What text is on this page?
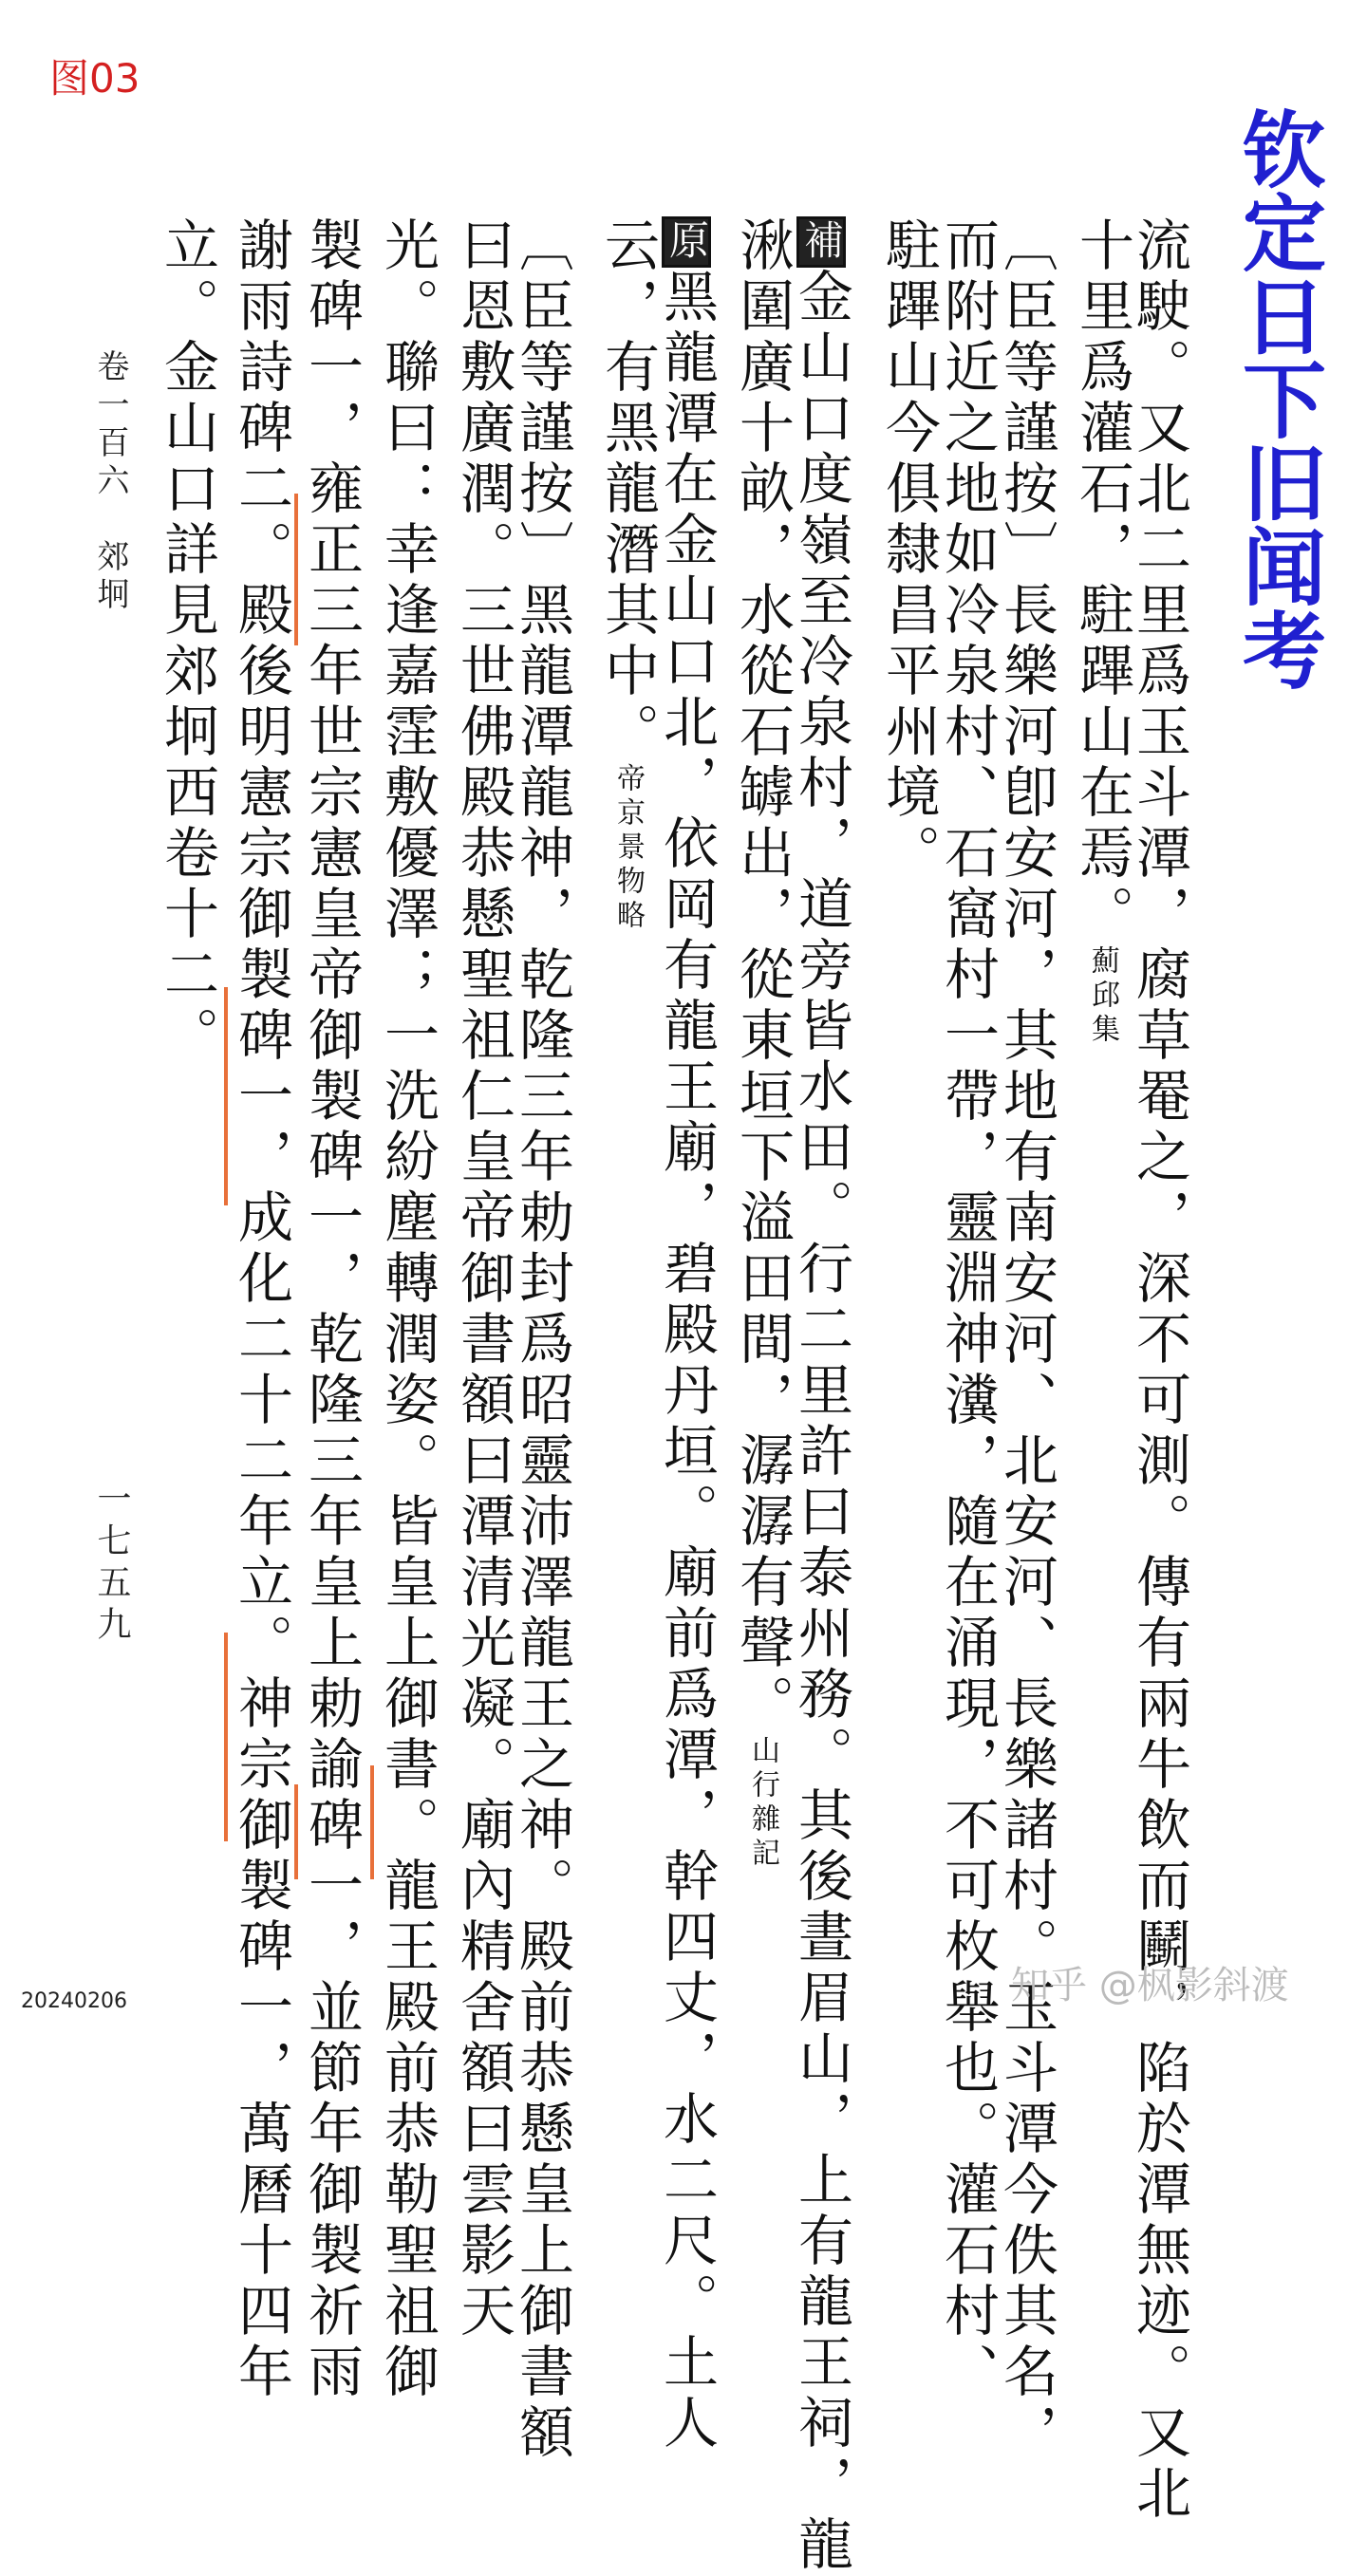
图03
钦定日下旧闻考
流駛。又北二里爲玉斗潭，腐草罨之，深不可測。傳有兩牛飲而鬭，陷於潭無迹。又北
十里爲灌石，駐蹕山在焉。薊邱集
〔臣等謹按〕長樂河卽安河，其地有南安河、北安河、長樂諸村。玉斗潭今佚其名，
而附近之地如冷泉村、石窩村一帶，靈淵神瀵，隨在涌現，不可枚舉也。灌石村、
駐蹕山今俱隸昌平州境。
補金山口度嶺至冷泉村，道旁皆水田。行二里許曰泰州務。其後晝眉山，上有龍王祠，龍
湫圍廣十畝，水從石罅出，從東垣下溢田間，潺潺有聲。山行雜記
原黑龍潭在金山口北，依岡有龍王廟，碧殿丹垣。廟前爲潭，幹四丈，水二尺。土人
云，有黑龍潛其中。帝京景物略
〔臣等謹按〕黑龍潭龍神，乾隆三年勅封爲昭靈沛澤龍王之神。殿前恭懸皇上御書額
曰恩敷廣潤。三世佛殿恭懸聖祖仁皇帝御書額曰潭清光凝。廟內精舍額曰雲影天
光。聯曰：幸逢嘉霔敷優澤；一洗紛塵轉潤姿。皆皇上御書。龍王殿前恭勒聖祖御
製碑一，雍正三年世宗憲皇帝御製碑一，乾隆三年皇上勅諭碑一，並節年御製祈雨
謝雨詩碑二。殿後明憲宗御製碑一，成化二十二年立。神宗御製碑一，萬曆十四年
立。金山口詳見郊坰西卷十二。
卷一百六　郊坰
一七五九
20240206	知乎 @枫影斜渡
